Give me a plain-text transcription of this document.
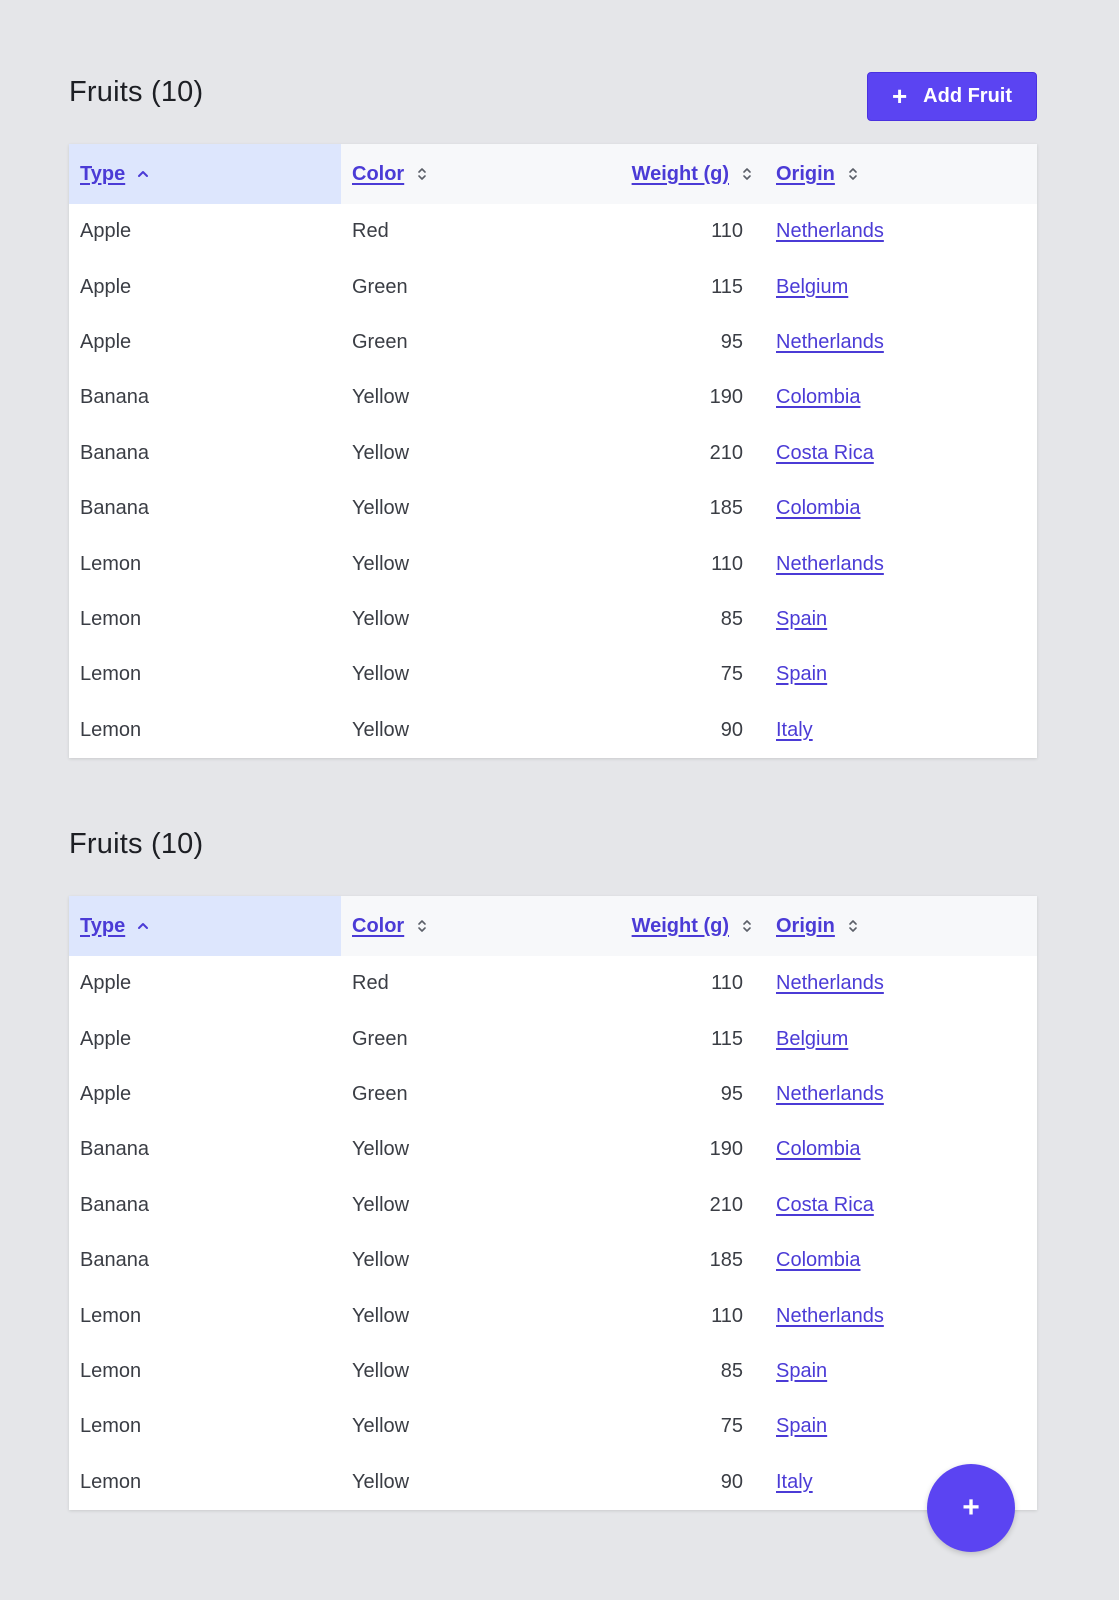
Fruits (10)	+ Add Fruit
Type	Color	Weight (g)	Origin

Apple	Red	110	Netherlands
Apple	Green	115	Belgium
Apple	Green	95	Netherlands
Banana	Yellow	190	Colombia
Banana	Yellow	210	Costa Rica
Banana	Yellow	185	Colombia
Lemon	Yellow	110	Netherlands
Lemon	Yellow	85	Spain
Lemon	Yellow	75	Spain
Lemon	Yellow	90	Italy
Fruits (10)
Type	Color	Weight (g)	Origin

Apple	Red	110	Netherlands
Apple	Green	115	Belgium
Apple	Green	95	Netherlands
Banana	Yellow	190	Colombia
Banana	Yellow	210	Costa Rica
Banana	Yellow	185	Colombia
Lemon	Yellow	110	Netherlands
Lemon	Yellow	85	Spain
Lemon	Yellow	75	Spain
Lemon	Yellow	90	Italy
+
